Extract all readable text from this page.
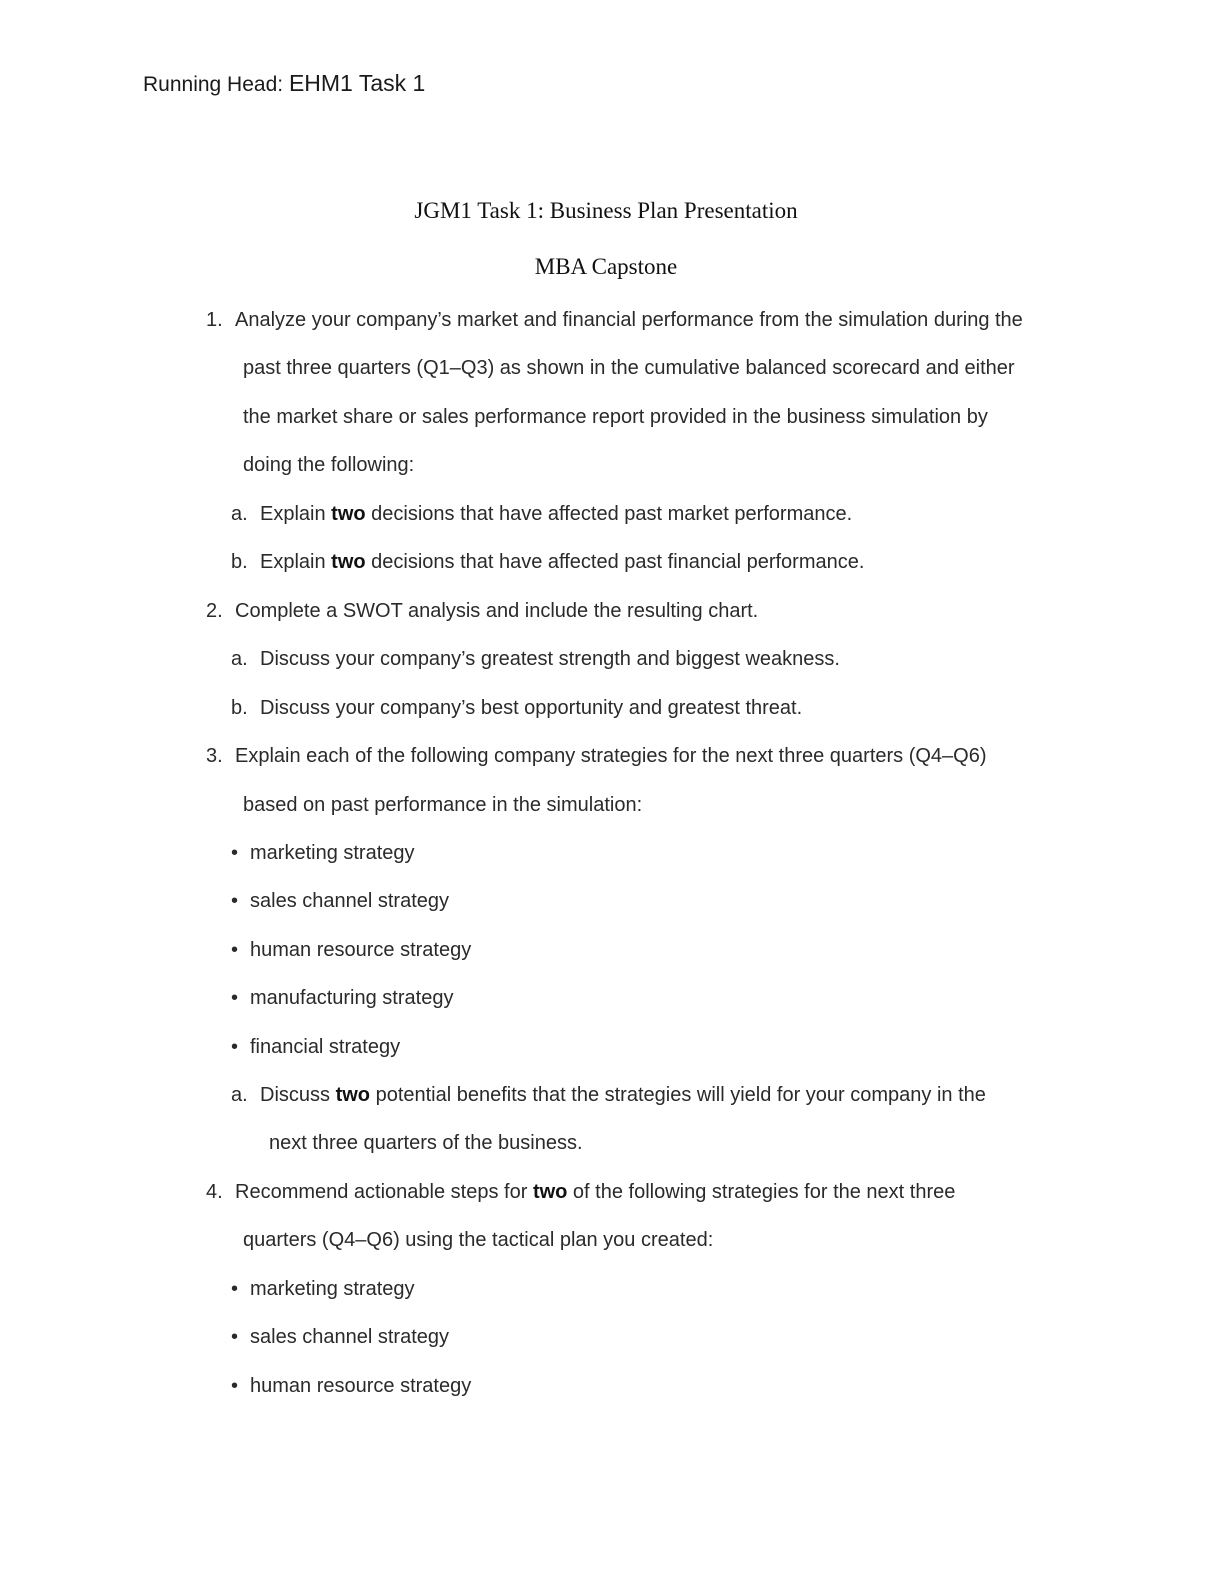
Running Head: EHM1 Task 1
JGM1 Task 1: Business Plan Presentation
MBA Capstone
1. Analyze your company’s market and financial performance from the simulation during the
past three quarters (Q1–Q3) as shown in the cumulative balanced scorecard and either
the market share or sales performance report provided in the business simulation by
doing the following:
a. Explain two decisions that have affected past market performance.
b. Explain two decisions that have affected past financial performance.
2. Complete a SWOT analysis and include the resulting chart.
a. Discuss your company’s greatest strength and biggest weakness.
b. Discuss your company’s best opportunity and greatest threat.
3. Explain each of the following company strategies for the next three quarters (Q4–Q6)
based on past performance in the simulation:
• marketing strategy
• sales channel strategy
• human resource strategy
• manufacturing strategy
• financial strategy
a. Discuss two potential benefits that the strategies will yield for your company in the
next three quarters of the business.
4. Recommend actionable steps for two of the following strategies for the next three
quarters (Q4–Q6) using the tactical plan you created:
• marketing strategy
• sales channel strategy
• human resource strategy
